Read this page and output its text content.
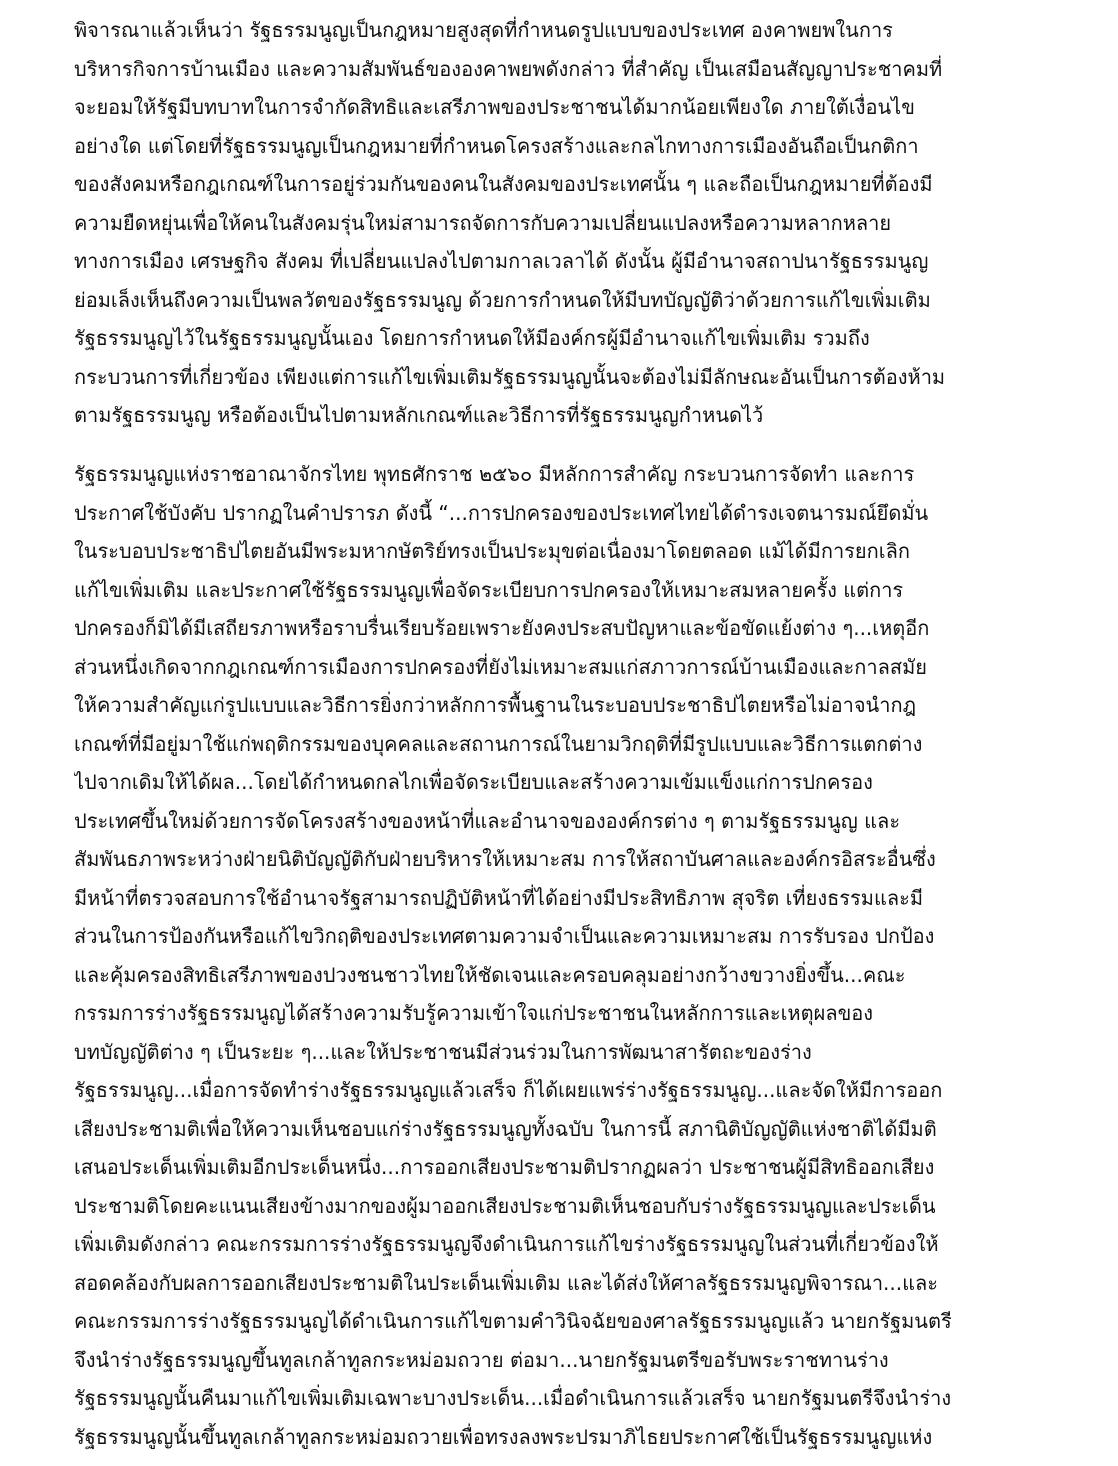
พิจารณาแล้วเห็นว่า รัฐธรรมนูญเป็นกฎหมายสูงสุดที่กำหนดรูปแบบของประเทศ องคาพยพในการ
บริหารกิจการบ้านเมือง และความสัมพันธ์ขององคาพยพดังกล่าว ที่สำคัญ เป็นเสมือนสัญญาประชาคมที่
จะยอมให้รัฐมีบทบาทในการจำกัดสิทธิและเสรีภาพของประชาชนได้มากน้อยเพียงใด ภายใต้เงื่อนไข
อย่างใด แต่โดยที่รัฐธรรมนูญเป็นกฎหมายที่กำหนดโครงสร้างและกลไกทางการเมืองอันถือเป็นกติกา
ของสังคมหรือกฎเกณฑ์ในการอยู่ร่วมกันของคนในสังคมของประเทศนั้น ๆ และถือเป็นกฎหมายที่ต้องมี
ความยืดหยุ่นเพื่อให้คนในสังคมรุ่นใหม่สามารถจัดการกับความเปลี่ยนแปลงหรือความหลากหลาย
ทางการเมือง เศรษฐกิจ สังคม ที่เปลี่ยนแปลงไปตามกาลเวลาได้ ดังนั้น ผู้มีอำนาจสถาปนารัฐธรรมนูญ
ย่อมเล็งเห็นถึงความเป็นพลวัตของรัฐธรรมนูญ ด้วยการกำหนดให้มีบทบัญญัติว่าด้วยการแก้ไขเพิ่มเติม
รัฐธรรมนูญไว้ในรัฐธรรมนูญนั้นเอง โดยการกำหนดให้มีองค์กรผู้มีอำนาจแก้ไขเพิ่มเติม รวมถึง
กระบวนการที่เกี่ยวข้อง เพียงแต่การแก้ไขเพิ่มเติมรัฐธรรมนูญนั้นจะต้องไม่มีลักษณะอันเป็นการต้องห้าม
ตามรัฐธรรมนูญ หรือต้องเป็นไปตามหลักเกณฑ์และวิธีการที่รัฐธรรมนูญกำหนดไว้
รัฐธรรมนูญแห่งราชอาณาจักรไทย พุทธศักราช ๒๕๖๐ มีหลักการสำคัญ กระบวนการจัดทำ และการ
ประกาศใช้บังคับ ปรากฏในคำปรารภ ดังนี้ “...การปกครองของประเทศไทยได้ดำรงเจตนารมณ์ยึดมั่น
ในระบอบประชาธิปไตยอันมีพระมหากษัตริย์ทรงเป็นประมุขต่อเนื่องมาโดยตลอด แม้ได้มีการยกเลิก
แก้ไขเพิ่มเติม และประกาศใช้รัฐธรรมนูญเพื่อจัดระเบียบการปกครองให้เหมาะสมหลายครั้ง แต่การ
ปกครองก็มิได้มีเสถียรภาพหรือราบรื่นเรียบร้อยเพราะยังคงประสบปัญหาและข้อขัดแย้งต่าง ๆ...เหตุอีก
ส่วนหนึ่งเกิดจากกฎเกณฑ์การเมืองการปกครองที่ยังไม่เหมาะสมแก่สภาวการณ์บ้านเมืองและกาลสมัย
ให้ความสำคัญแก่รูปแบบและวิธีการยิ่งกว่าหลักการพื้นฐานในระบอบประชาธิปไตยหรือไม่อาจนำกฎ
เกณฑ์ที่มีอยู่มาใช้แก่พฤติกรรมของบุคคลและสถานการณ์ในยามวิกฤติที่มีรูปแบบและวิธีการแตกต่าง
ไปจากเดิมให้ได้ผล...โดยได้กำหนดกลไกเพื่อจัดระเบียบและสร้างความเข้มแข็งแก่การปกครอง
ประเทศขึ้นใหม่ด้วยการจัดโครงสร้างของหน้าที่และอำนาจขององค์กรต่าง ๆ ตามรัฐธรรมนูญ และ
สัมพันธภาพระหว่างฝ่ายนิติบัญญัติกับฝ่ายบริหารให้เหมาะสม การให้สถาบันศาลและองค์กรอิสระอื่นซึ่ง
มีหน้าที่ตรวจสอบการใช้อำนาจรัฐสามารถปฏิบัติหน้าที่ได้อย่างมีประสิทธิภาพ สุจริต เที่ยงธรรมและมี
ส่วนในการป้องกันหรือแก้ไขวิกฤติของประเทศตามความจำเป็นและความเหมาะสม การรับรอง ปกป้อง
และคุ้มครองสิทธิเสรีภาพของปวงชนชาวไทยให้ชัดเจนและครอบคลุมอย่างกว้างขวางยิ่งขึ้น...คณะ
กรรมการร่างรัฐธรรมนูญได้สร้างความรับรู้ความเข้าใจแก่ประชาชนในหลักการและเหตุผลของ
บทบัญญัติต่าง ๆ เป็นระยะ ๆ...และให้ประชาชนมีส่วนร่วมในการพัฒนาสารัตถะของร่าง
รัฐธรรมนูญ...เมื่อการจัดทำร่างรัฐธรรมนูญแล้วเสร็จ ก็ได้เผยแพร่ร่างรัฐธรรมนูญ...และจัดให้มีการออก
เสียงประชามติเพื่อให้ความเห็นชอบแก่ร่างรัฐธรรมนูญทั้งฉบับ ในการนี้ สภานิติบัญญัติแห่งชาติได้มีมติ
เสนอประเด็นเพิ่มเติมอีกประเด็นหนึ่ง...การออกเสียงประชามติปรากฏผลว่า ประชาชนผู้มีสิทธิออกเสียง
ประชามติโดยคะแนนเสียงข้างมากของผู้มาออกเสียงประชามติเห็นชอบกับร่างรัฐธรรมนูญและประเด็น
เพิ่มเติมดังกล่าว คณะกรรมการร่างรัฐธรรมนูญจึงดำเนินการแก้ไขร่างรัฐธรรมนูญในส่วนที่เกี่ยวข้องให้
สอดคล้องกับผลการออกเสียงประชามติในประเด็นเพิ่มเติม และได้ส่งให้ศาลรัฐธรรมนูญพิจารณา...และ
คณะกรรมการร่างรัฐธรรมนูญได้ดำเนินการแก้ไขตามคำวินิจฉัยของศาลรัฐธรรมนูญแล้ว นายกรัฐมนตรี
จึงนำร่างรัฐธรรมนูญขึ้นทูลเกล้าทูลกระหม่อมถวาย ต่อมา...นายกรัฐมนตรีขอรับพระราชทานร่าง
รัฐธรรมนูญนั้นคืนมาแก้ไขเพิ่มเติมเฉพาะบางประเด็น...เมื่อดำเนินการแล้วเสร็จ นายกรัฐมนตรีจึงนำร่าง
รัฐธรรมนูญนั้นขึ้นทูลเกล้าทูลกระหม่อมถวายเพื่อทรงลงพระปรมาภิไธยประกาศใช้เป็นรัฐธรรมนูญแห่ง
